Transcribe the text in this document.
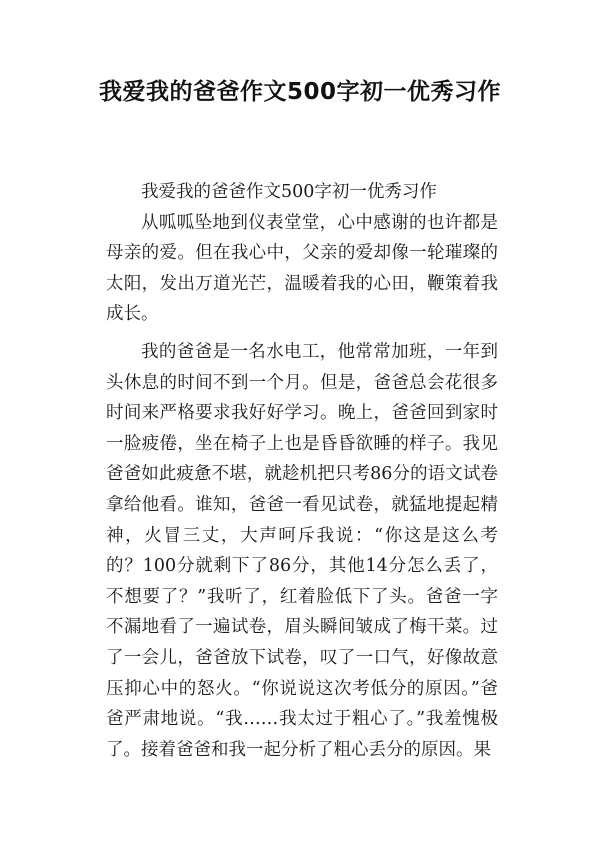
我爱我的爸爸作文500字初一优秀习作

我爱我的爸爸作文500字初一优秀习作

从呱呱坠地到仪表堂堂，心中感谢的也许都是母亲的爱。但在我心中，父亲的爱却像一轮璀璨的太阳，发出万道光芒，温暖着我的心田，鞭策着我成长。

我的爸爸是一名水电工，他常常加班，一年到头休息的时间不到一个月。但是，爸爸总会花很多时间来严格要求我好好学习。晚上，爸爸回到家时一脸疲倦，坐在椅子上也是昏昏欲睡的样子。我见爸爸如此疲惫不堪，就趁机把只考86分的语文试卷拿给他看。谁知，爸爸一看见试卷，就猛地提起精神，火冒三丈，大声呵斥我说：“你这是这么考的？100分就剩下了86分，其他14分怎么丢了，不想要了？”我听了，红着脸低下了头。爸爸一字不漏地看了一遍试卷，眉头瞬间皱成了梅干菜。过了一会儿，爸爸放下试卷，叹了一口气，好像故意压抑心中的怒火。“你说说这次考低分的原因。”爸爸严肃地说。“我……我太过于粗心了。”我羞愧极了。接着爸爸和我一起分析了粗心丢分的原因。果
